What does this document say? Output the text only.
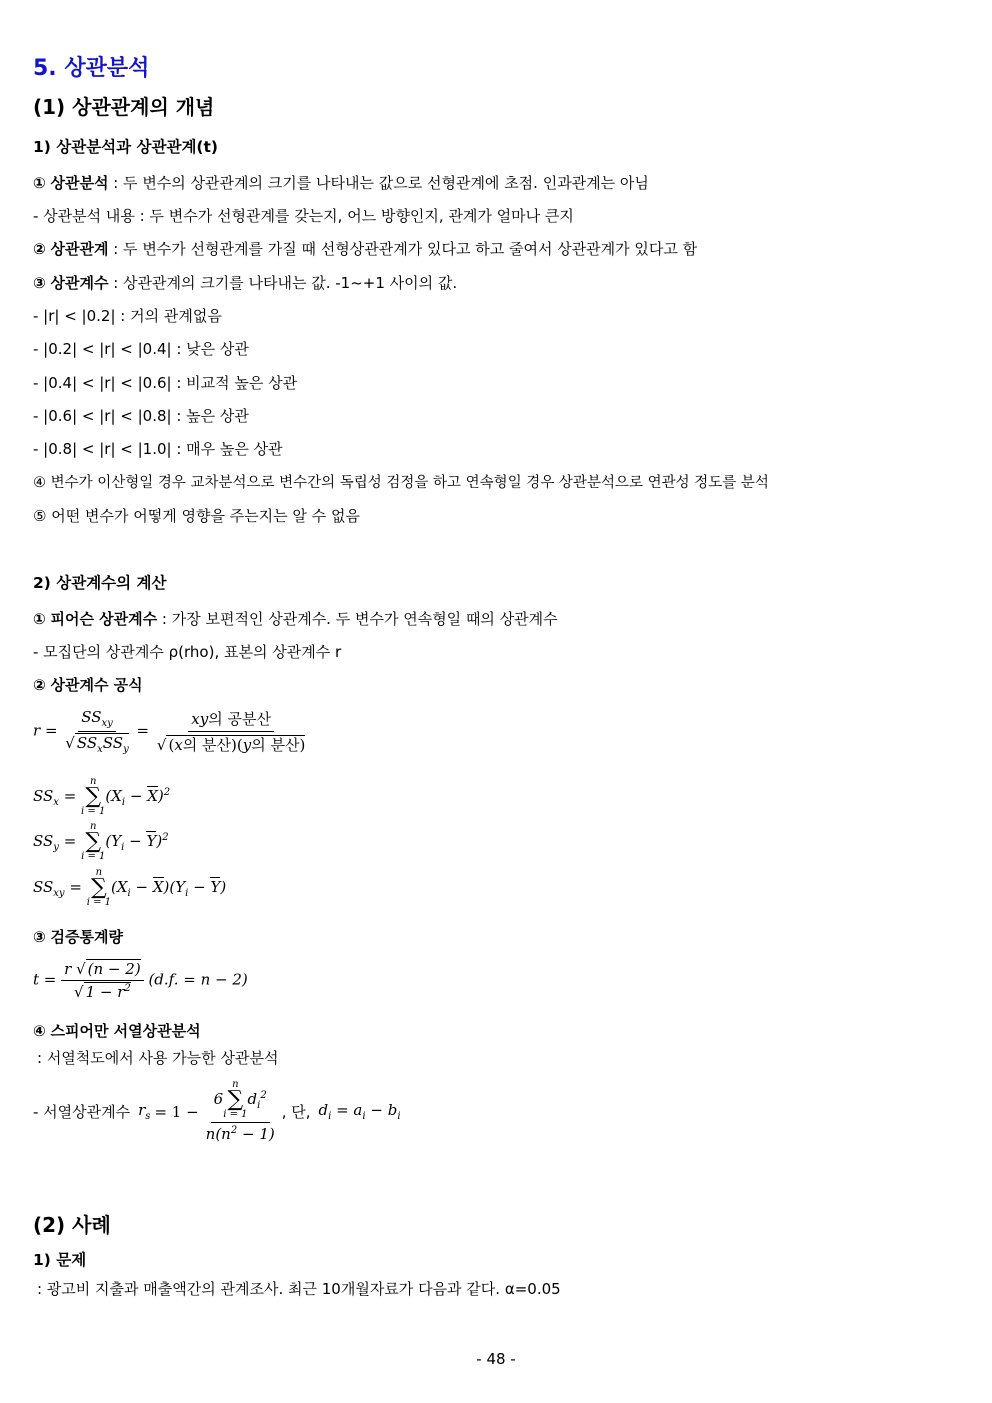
5. 상관분석
(1) 상관관계의 개념
1) 상관분석과 상관관계(t)
① 상관분석 : 두 변수의 상관관계의 크기를 나타내는 값으로 선형관계에 초점. 인과관계는 아님
- 상관분석 내용 : 두 변수가 선형관계를 갖는지, 어느 방향인지, 관계가 얼마나 큰지
② 상관관계 : 두 변수가 선형관계를 가질 때 선형상관관계가 있다고 하고 줄여서 상관관계가 있다고 함
③ 상관계수 : 상관관계의 크기를 나타내는 값. -1~+1 사이의 값.
- |r| < |0.2| : 거의 관계없음
- |0.2| < |r| < |0.4| : 낮은 상관
- |0.4| < |r| < |0.6| : 비교적 높은 상관
- |0.6| < |r| < |0.8| : 높은 상관
- |0.8| < |r| < |1.0| : 매우 높은 상관
④ 변수가 이산형일 경우 교차분석으로 변수간의 독립성 검정을 하고 연속형일 경우 상관분석으로 연관성 정도를 분석
⑤ 어떤 변수가 어떻게 영향을 주는지는 알 수 없음
2) 상관계수의 계산
① 피어슨 상관계수 : 가장 보편적인 상관계수. 두 변수가 연속형일 때의 상관계수
- 모집단의 상관계수 ρ(rho), 표본의 상관계수 r
② 상관계수 공식
$r = \frac{SS_{xy}}{√ SS_xSS_y} = \frac{\text{xy의 공분산}}{\text{√ (x의 분산)(y의 분산)}}$
$SS_x$ =
n
∑
i = 1
$(X_i - X)^2$
$SS_y$ =
n
∑
i = 1
$(Y_i - Y)^2$
$SS_{xy}$ =
n
∑
i = 1
$(X_i - X)(Y_i - Y)$
③ 검증통계량
$t = \frac{r √ (n - 2)}{√ 1 - r^2} (d.f$. = n − 2)
④ 스피어만 서열상관분석
: 서열척도에서 사용 가능한 상관분석
- 서열상관계수 $r_s = 1 - 6$
n
∑
i = 1
$d_i^2$
$n(n^2 - 1)$ , 단, $d_i = a_i - b_i$
(2) 사례
1) 문제
: 광고비 지출과 매출액간의 관계조사. 최근 10개월자료가 다음과 같다. α=0.05
- 48 -
